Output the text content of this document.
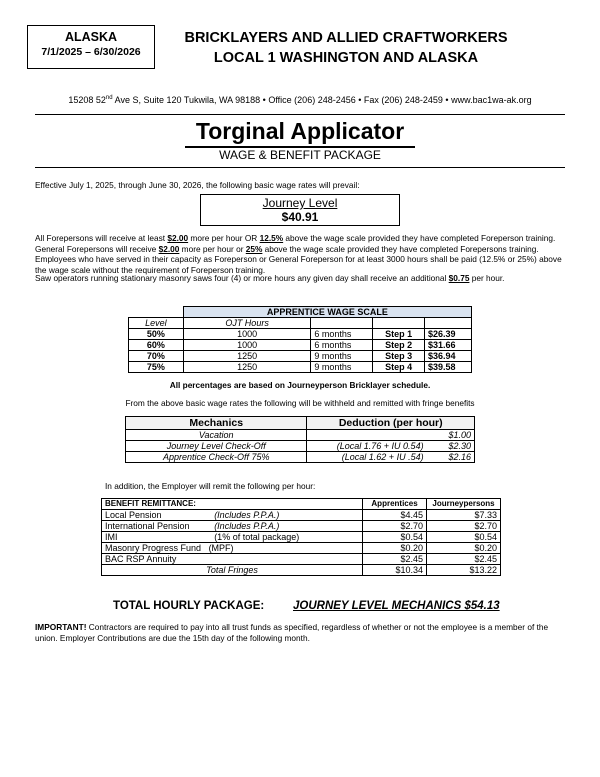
ALASKA
7/1/2025 – 6/30/2026
BRICKLAYERS AND ALLIED CRAFTWORKERS
LOCAL 1 WASHINGTON AND ALASKA
15208 52nd Ave S, Suite 120 Tukwila, WA 98188 • Office (206) 248-2456 • Fax (206) 248-2459 • www.bac1wa-ak.org
Torginal Applicator
WAGE & BENEFIT PACKAGE
Effective July 1, 2025, through June 30, 2026, the following basic wage rates will prevail:
Journey Level
$40.91
All Forepersons will receive at least $2.00 more per hour OR 12.5% above the wage scale provided they have completed Foreperson training. General Forepersons will receive $2.00 more per hour or 25% above the wage scale provided they have completed Forepersons training. Employees who have served in their capacity as Foreperson or General Foreperson for at least 3000 hours shall be paid (12.5% or 25%) above the wage scale without the requirement of Foreperson training.
Saw operators running stationary masonry saws four (4) or more hours any given day shall receive an additional $0.75 per hour.
	APPRENTICE WAGE SCALE			
Level	OJT Hours			
50%	1000	6 months	Step 1	$26.39
60%	1000	6 months	Step 2	$31.66
70%	1250	9 months	Step 3	$36.94
75%	1250	9 months	Step 4	$39.58
All percentages are based on Journeyperson Bricklayer schedule.
From the above basic wage rates the following will be withheld and remitted with fringe benefits
Mechanics	Deduction (per hour)	
Vacation		$1.00
Journey Level Check-Off	(Local 1.76 + IU 0.54)	$2.30
Apprentice Check-Off 75%	(Local 1.62 + IU .54)	$2.16
In addition, the Employer will remit the following per hour:
BENEFIT REMITTANCE:		Apprentices	Journeypersons
Local Pension	(Includes P.P.A.)	$4.45	$7.33
International Pension	(Includes P.P.A.)	$2.70	$2.70
IMI	(1% of total package)	$0.54	$0.54
Masonry Progress Fund (MPF)		$0.20	$0.20
BAC RSP Annuity		$2.45	$2.45
Total Fringes		$10.34	$13.22
TOTAL HOURLY PACKAGE:	JOURNEY LEVEL MECHANICS $54.13
IMPORTANT! Contractors are required to pay into all trust funds as specified, regardless of whether or not the employee is a member of the union. Employer Contributions are due the 15th day of the following month.
